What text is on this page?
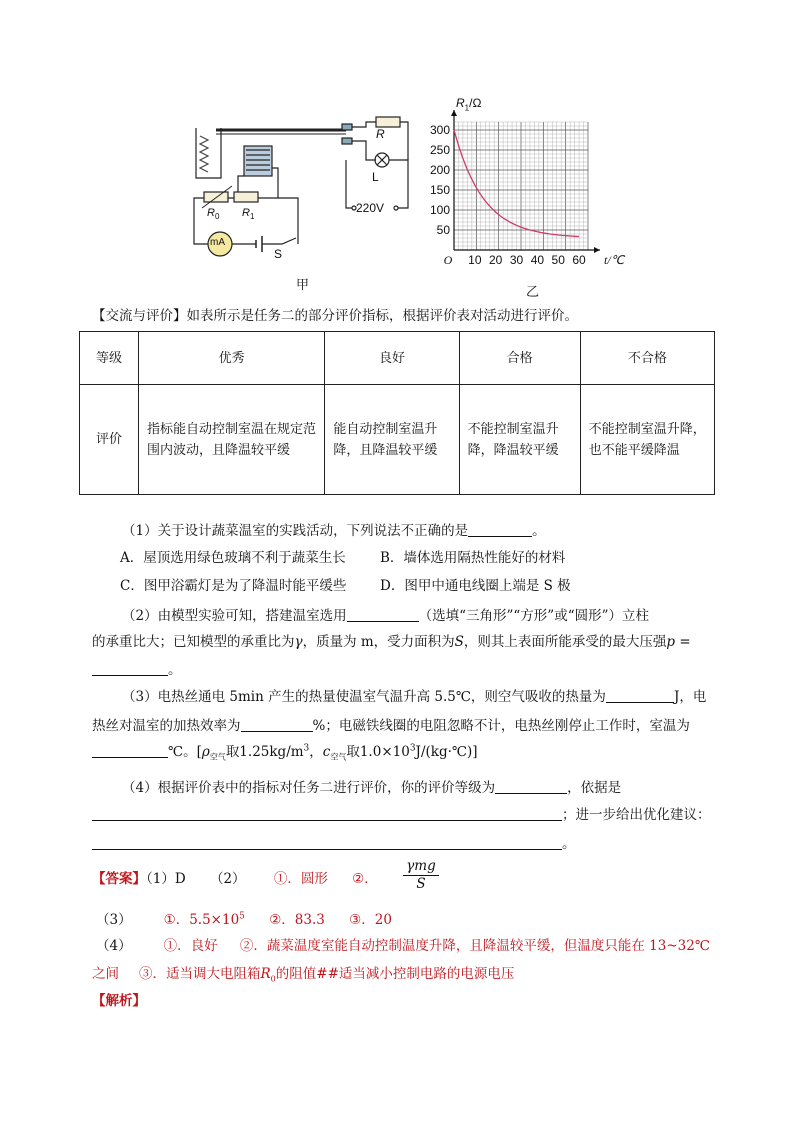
R
L
220V
$R_0$ $R_1$
mA
S
甲
300
250
200
150
100
50
10 20 30 40 50 60
O	t/℃
$R_1/\Omega$
乙
【交流与评价】如表所示是任务二的部分评价指标，根据评价表对活动进行评价。
等级	优秀	良好	合格	不合格
评价	指标能自动控制室温在规定范围内波动，且降温较平缓	能自动控制室温升降，且降温较平缓	不能控制室温升降，降温较平缓	不能控制室温升降，也不能平缓降温
（1）关于设计蔬菜温室的实践活动，下列说法不正确的是	。
A．屋顶选用绿色玻璃不利于蔬菜生长	B．墙体选用隔热性能好的材料
C．图甲浴霸灯是为了降温时能平缓些 D．图甲中通电线圈上端是 S 极
（2）由模型实验可知，搭建温室选用	（选填“三角形”“方形”或“圆形”）立柱
的承重比大；已知模型的承重比为γ，质量为 m，受力面积为S，则其上表面所能承受的最大压强p =
。
（3）电热丝通电 5min 产生的热量使温室气温升高 5.5℃，则空气吸收的热量为	J，电
热丝对温室的加热效率为	%；电磁铁线圈的电阻忽略不计，电热丝刚停止工作时，室温为
℃。[$\rho_{空气}$取$1.25kg/m^3$，$c_{空气}$取$1.0\times 10^3J/(kg\cdot℃)$]
（4）根据评价表中的指标对任务二进行评价，你的评价等级为	，依据是
；进一步给出优化建议：
。
【答案】（1）D （2） ①．圆形 ②．
γmg
S
（3） ①．$5.5\times 10^5$ ②．83.3 ③．20
（4） ①．良好 ②．蔬菜温度室能自动控制温度升降，且降温较平缓，但温度只能在 13~32℃
之间 ③．适当调大电阻箱$R_0$的阻值##适当减小控制电路的电源电压
【解析】
